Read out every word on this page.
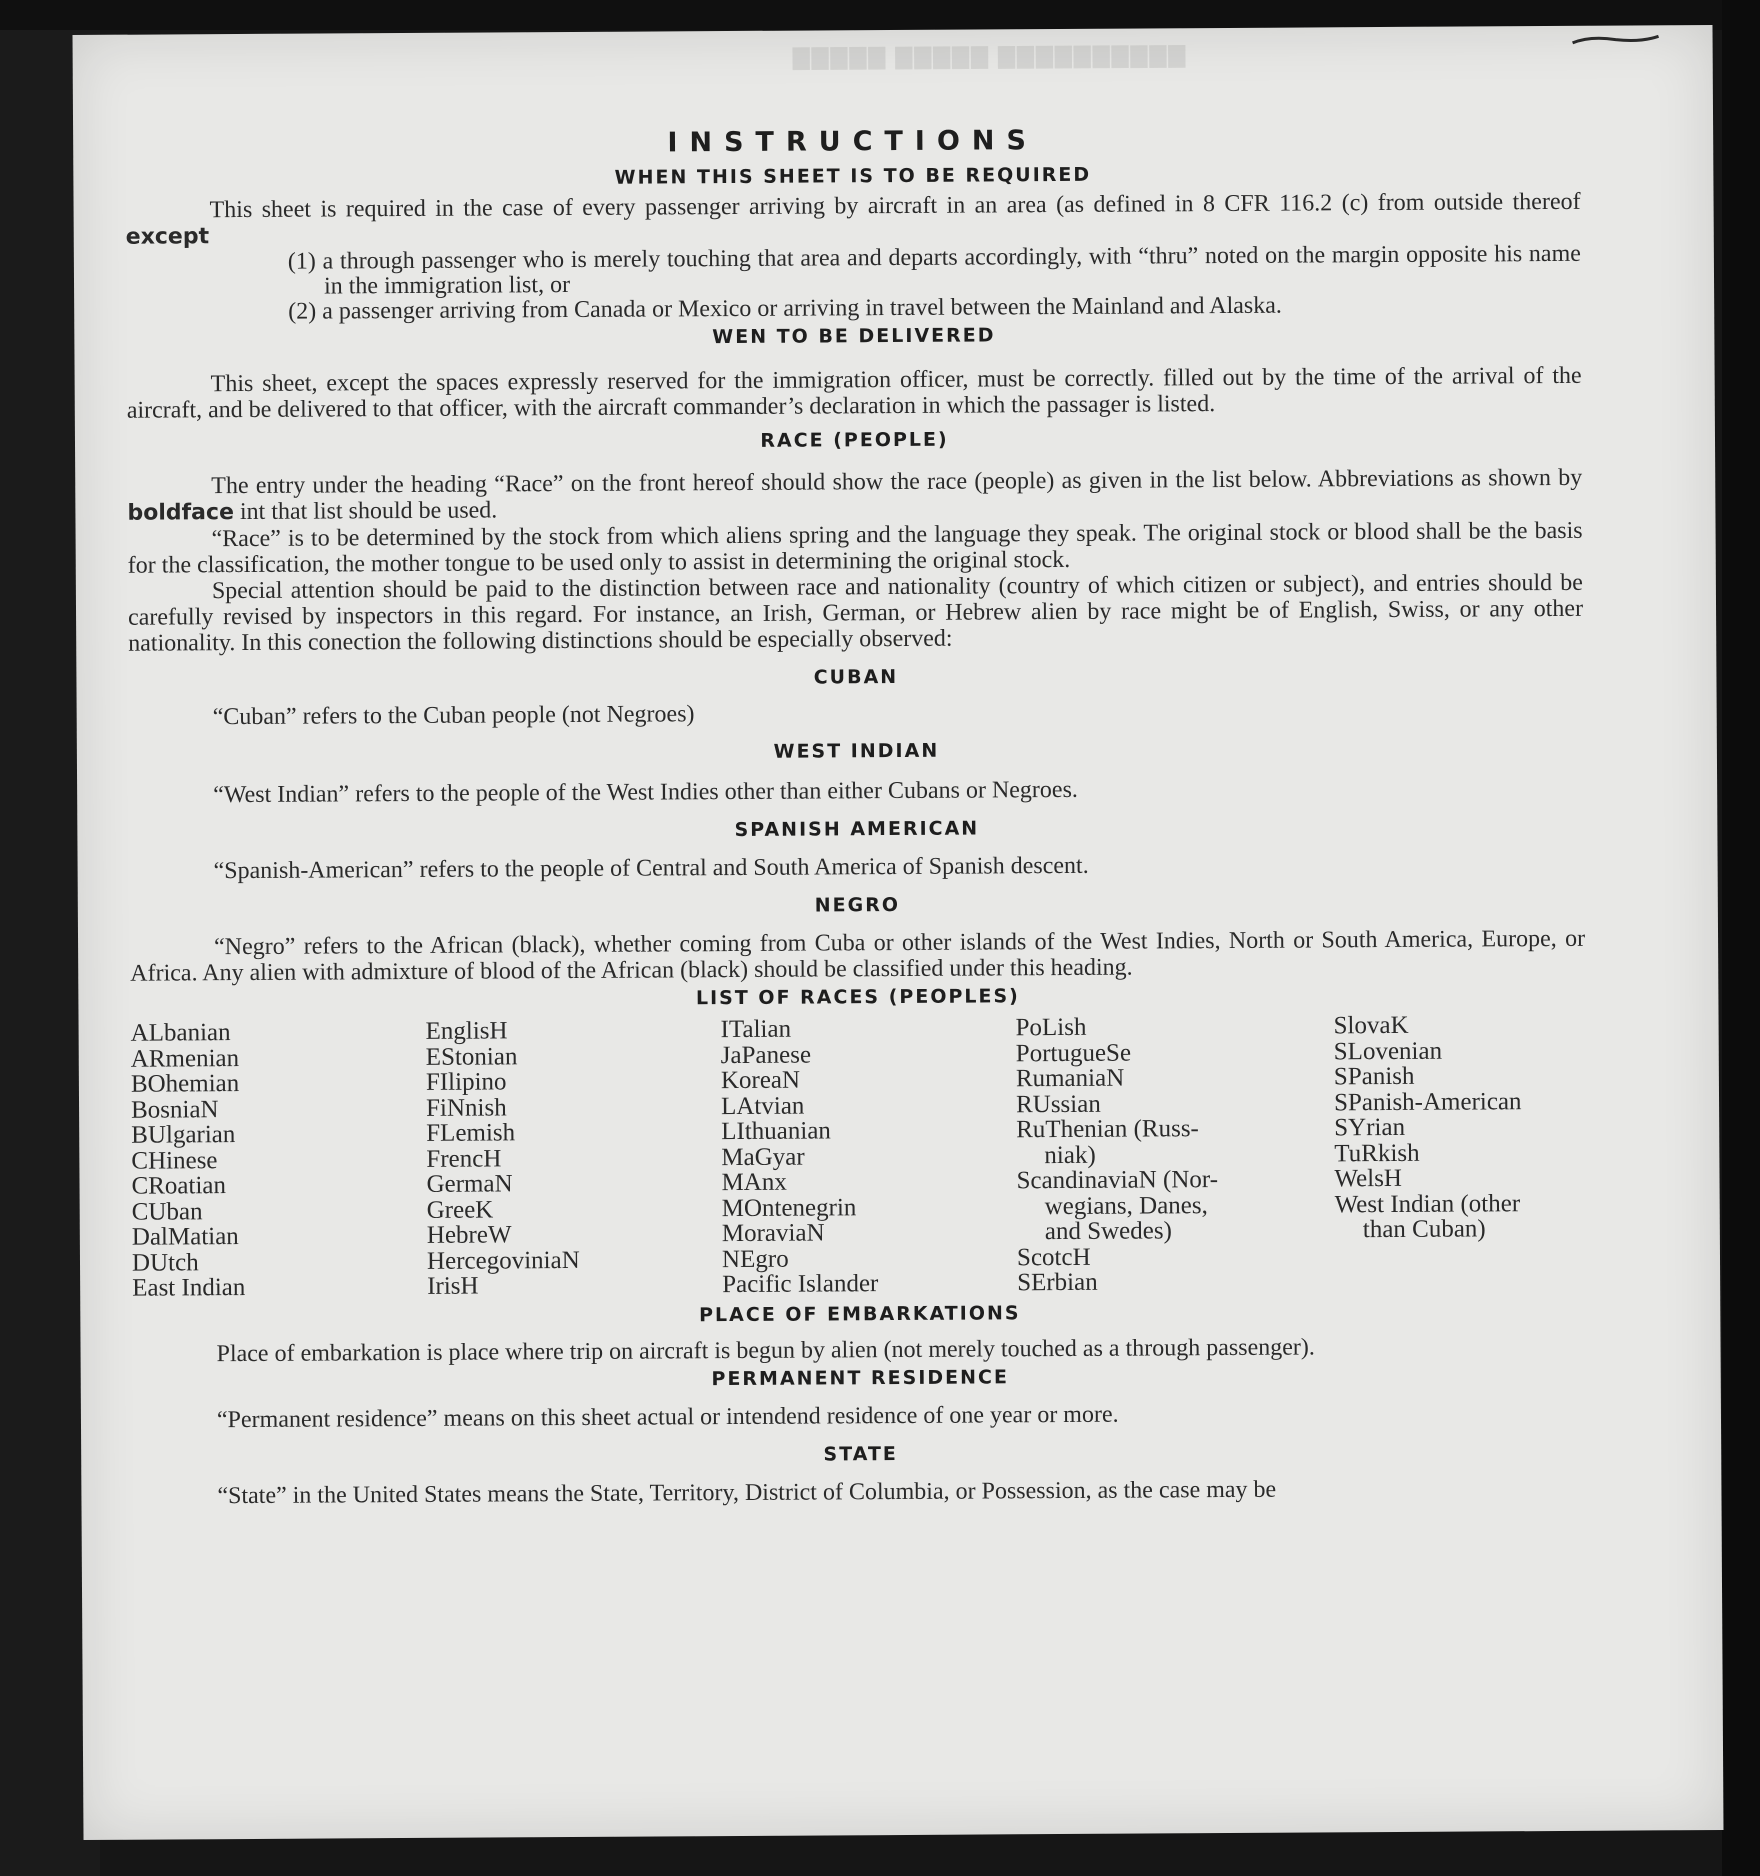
▇▇▇▇▇ ▇▇▇▇▇ ▇▇▇▇▇▇▇▇▇▇
INSTRUCTIONS
WHEN THIS SHEET IS TO BE REQUIRED

This sheet is required in the case of every passenger arriving by aircraft in an area (as defined in 8 CFR 116.2 (c) from outside thereof except

(1) a through passenger who is merely touching that area and departs accordingly, with “thru” noted on the margin opposite his name in the immigration list, or
(2) a passenger arriving from Canada or Mexico or arriving in travel between the Mainland and Alaska.
WEN TO BE DELIVERED

This sheet, except the spaces expressly reserved for the immigration officer, must be correctly. filled out by the time of the arrival of the aircraft, and be delivered to that officer, with the aircraft commander’s declaration in which the passager is listed.

RACE (PEOPLE)

The entry under the heading “Race” on the front hereof should show the race (people) as given in the list below. Abbreviations as shown by boldface int that list should be used.

“Race” is to be determined by the stock from which aliens spring and the language they speak. The original stock or blood shall be the basis for the classification, the mother tongue to be used only to assist in determining the original stock.

Special attention should be paid to the distinction between race and nationality (country of which citizen or subject), and entries should be carefully revised by inspectors in this regard. For instance, an Irish, German, or Hebrew alien by race might be of English, Swiss, or any other nationality. In this conection the following distinctions should be especially observed:

CUBAN

“Cuban” refers to the Cuban people (not Negroes)

WEST INDIAN

“West Indian” refers to the people of the West Indies other than either Cubans or Negroes.

SPANISH AMERICAN

“Spanish-American” refers to the people of Central and South America of Spanish descent.

NEGRO

“Negro” refers to the African (black), whether coming from Cuba or other islands of the West Indies, North or South America, Europe, or Africa. Any alien with admixture of blood of the African (black) should be classified under this heading.

LIST OF RACES (PEOPLES)
ALbanian
ARmenian
BOhemian
BosniaN
BUlgarian
CHinese
CRoatian
CUban
DalMatian
DUtch
East Indian
EnglisH
EStonian
FIlipino
FiNnish
FLemish
FrencH
GermaN
GreeK
HebreW
HercegoviniaN
IrisH
ITalian
JaPanese
KoreaN
LAtvian
LIthuanian
MaGyar
MAnx
MOntenegrin
MoraviaN
NEgro
Pacific Islander
PoLish
PortugueSe
RumaniaN
RUssian
RuThenian (Russ-
niak)
ScandinaviaN (Nor-
wegians, Danes,
and Swedes)
ScotcH
SErbian
SlovaK
SLovenian
SPanish
SPanish-American
SYrian
TuRkish
WelsH
West Indian (other
than Cuban)
PLACE OF EMBARKATIONS

Place of embarkation is place where trip on aircraft is begun by alien (not merely touched as a through passenger).

PERMANENT RESIDENCE

“Permanent residence” means on this sheet actual or intendend residence of one year or more.

STATE

“State” in the United States means the State, Territory, District of Columbia, or Possession, as the case may be
